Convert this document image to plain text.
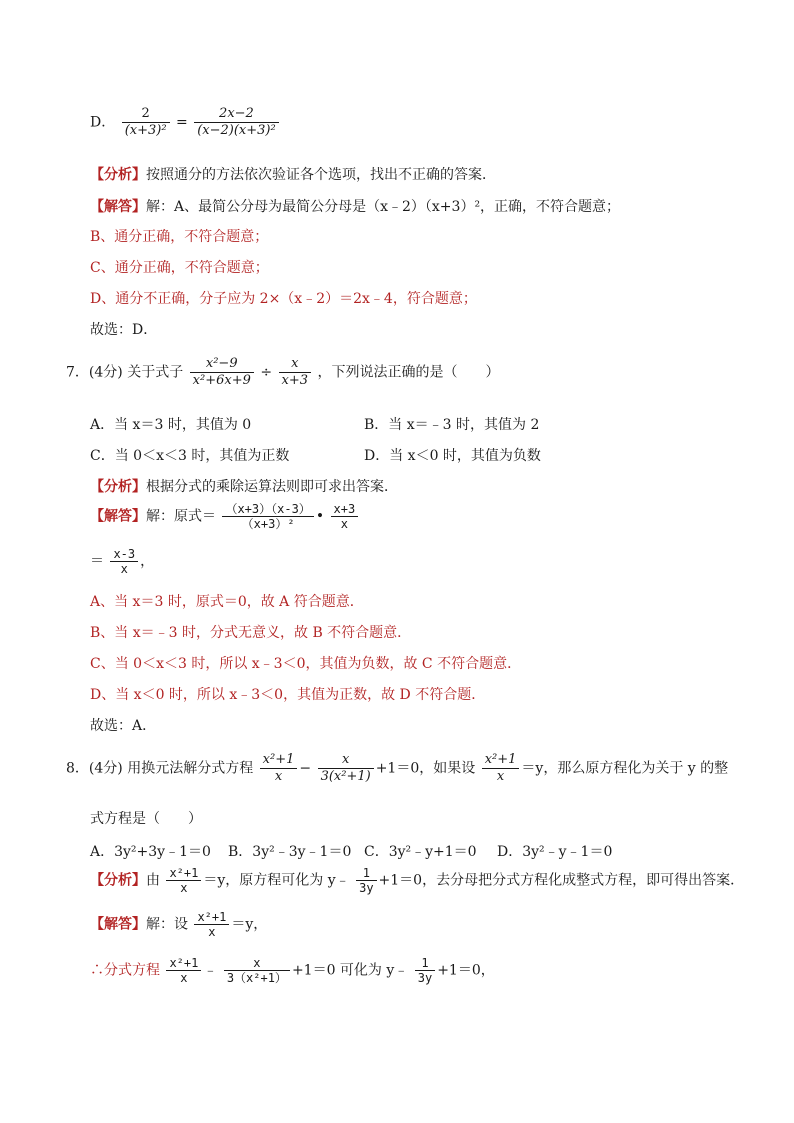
D． $\frac{2}{\text{(x+3)²}} = \frac{2x-2}{\text{(x−2)(x+3)²}}$
【分析】按照通分的方法依次验证各个选项，找出不正确的答案．
【解答】解：A、最简公分母为最简公分母是（x﹣2）（x+3）²，正确，不符合题意；
B、通分正确，不符合题意；
C、通分正确，不符合题意；
D、通分不正确，分子应为 2×（x﹣2）＝2x﹣4，符合题意；
故选：D．
7．(4分) 关于式子 $\frac{\text{x²−9}}{\text{x²+6x+9}} \div \frac{x}{x+3}$ ，下列说法正确的是（　　）
A．当 x＝3 时，其值为 0	B．当 x＝﹣3 时，其值为 2
C．当 0＜x＜3 时，其值为正数	D．当 x＜0 时，其值为负数
【分析】根据分式的乘除运算法则即可求出答案．
【解答】解：原式＝ $\frac{(x+3)(x-3)}{\text{（x+3）²}}$ • $\frac{x+3}{x}$
＝ $\frac{x-3}{x}$ ，
A、当 x＝3 时，原式＝0，故 A 符合题意．
B、当 x＝﹣3 时，分式无意义，故 B 不符合题意．
C、当 0＜x＜3 时，所以 x﹣3＜0，其值为负数，故 C 不符合题意．
D、当 x＜0 时，所以 x﹣3＜0，其值为正数，故 D 不符合题．
故选：A．
8．(4分) 用换元法解分式方程 $\frac{\text{x²+1}}{x} - \frac{x}{\text{3(x²+1)}} +1=0$，如果设 $\frac{\text{x²+1}}{x} =y$，那么原方程化为关于 y 的整
式方程是（　　）
A．3y²+3y﹣1＝0 B．3y²﹣3y﹣1＝0 C．3y²﹣y+1＝0 D．3y²﹣y﹣1＝0
【分析】由 $\frac{\text{x²+1}}{x} =y$，原方程可化为 y﹣ $\frac{1}{3y} +1=0$，去分母把分式方程化成整式方程，即可得出答案．
【解答】解：设 $\frac{\text{x²+1}}{x} =y$，
∴分式方程 $\frac{\text{x²+1}}{x}$ ﹣ $\frac{x}{\text{3（x²+1）}} +1=0$ 可化为 y﹣ $\frac{1}{3y} +1=0$，
